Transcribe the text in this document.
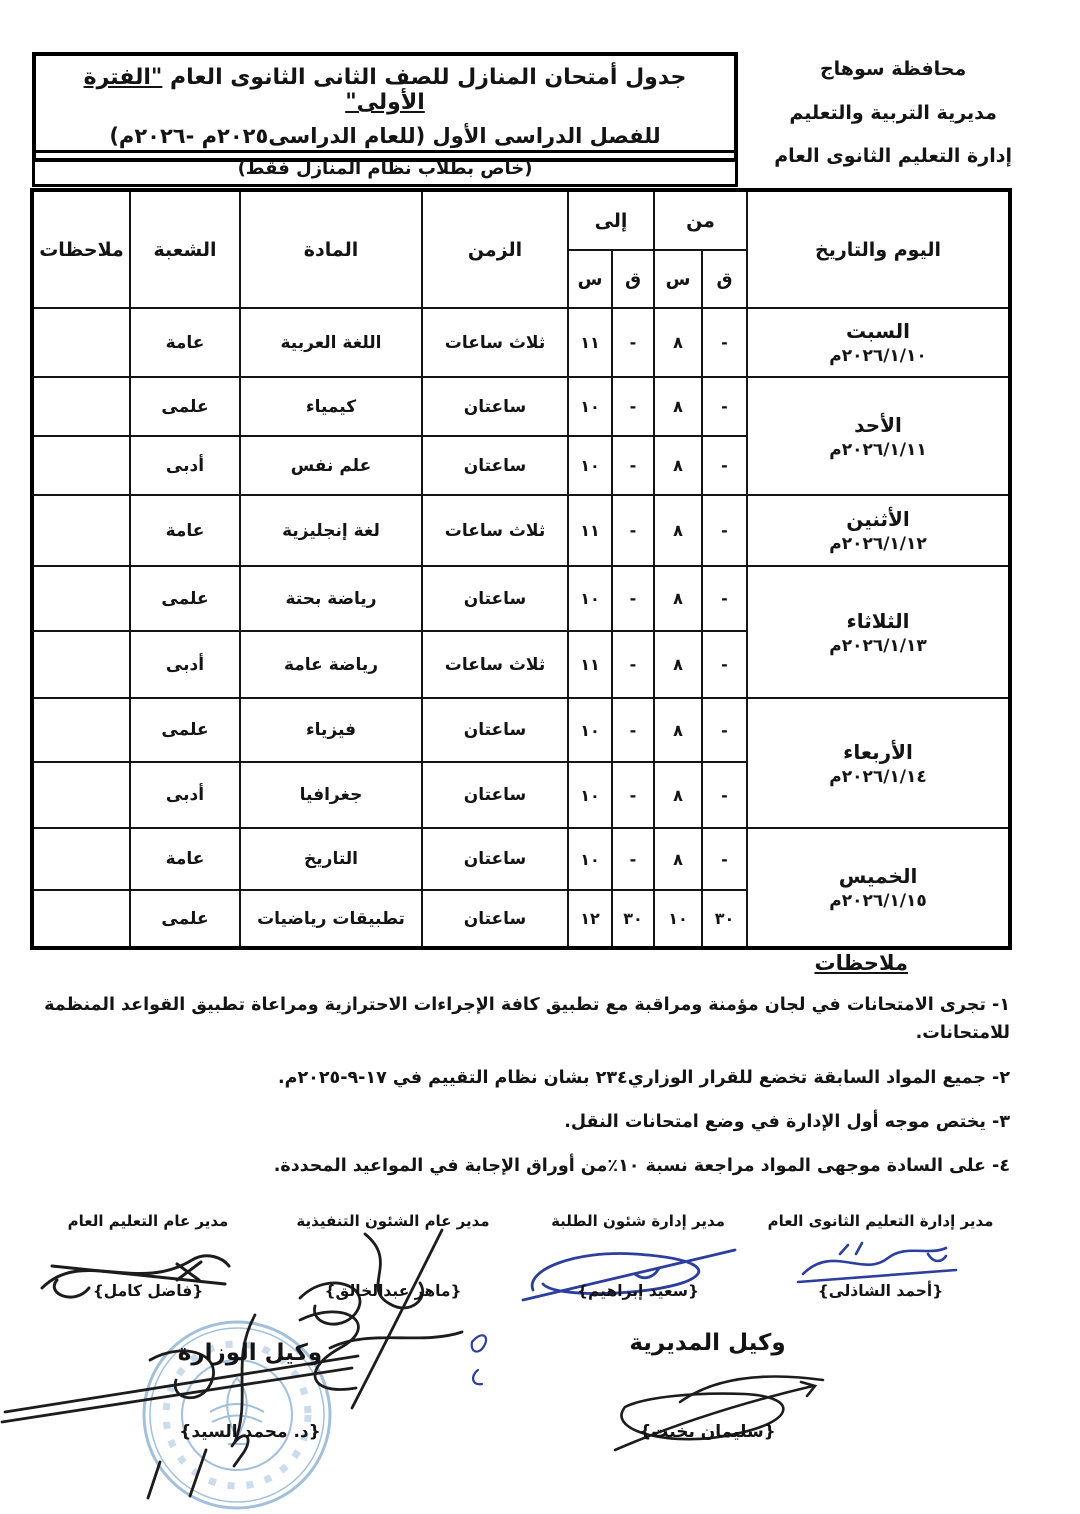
محافظة سوهاج
مديرية التربية والتعليم
إدارة التعليم الثانوى العام
جدول أمتحان المنازل للصف الثانى الثانوى العام "الفترة الأولى"
للفصل الدراسى الأول (للعام الدراسى٢٠٢٥م -٢٠٢٦م)
(خاص بطلاب نظام المنازل فقط)
اليوم والتاريخ	من		إلى		الزمن	المادة	الشعبة	ملاحظات
	ق	س	ق	س				

السبت
٢٠٢٦/١/١٠م	-	٨	-	١١	ثلاث ساعات	اللغة العربية	عامة	

الأحد
٢٠٢٦/١/١١م	-	٨	-	١٠	ساعتان	كيمياء	علمى	
	-	٨	-	١٠	ساعتان	علم نفس	أدبى	

الأثنين
٢٠٢٦/١/١٢م	-	٨	-	١١	ثلاث ساعات	لغة إنجليزية	عامة	

الثلاثاء
٢٠٢٦/١/١٣م	-	٨	-	١٠	ساعتان	رياضة بحتة	علمى	
	-	٨	-	١١	ثلاث ساعات	رياضة عامة	أدبى	

الأربعاء
٢٠٢٦/١/١٤م	-	٨	-	١٠	ساعتان	فيزياء	علمى	
	-	٨	-	١٠	ساعتان	جغرافيا	أدبى	

الخميس
٢٠٢٦/١/١٥م	-	٨	-	١٠	ساعتان	التاريخ	عامة	
	٣٠	١٠	٣٠	١٢	ساعتان	تطبيقات رياضيات	علمى	
ملاحظات
١- تجرى الامتحانات في لجان مؤمنة ومراقبة مع تطبيق كافة الإجراءات الاحترازية ومراعاة تطبيق القواعد المنظمة للامتحانات.
٢- جميع المواد السابقة تخضع للقرار الوزاري٢٣٤ بشان نظام التقييم في ١٧-٩-٢٠٢٥م.
٣- يختص موجه أول الإدارة في وضع امتحانات النقل.
٤- على السادة موجهى المواد مراجعة نسبة ١٠٪من أوراق الإجابة في المواعيد المحددة.
مدير إدارة التعليم الثانوى العام
{أحمد الشاذلى}
مدير إدارة شئون الطلبة
{سعيد إبراهيم}
مدير عام الشئون التنفيذية
{ماهر عبدالخالق}
مدير عام التعليم العام
{فاضل كامل}
وكيل المديرية
{سليمان بخيت}
وكيل الوزارة
{د. محمد السيد}
